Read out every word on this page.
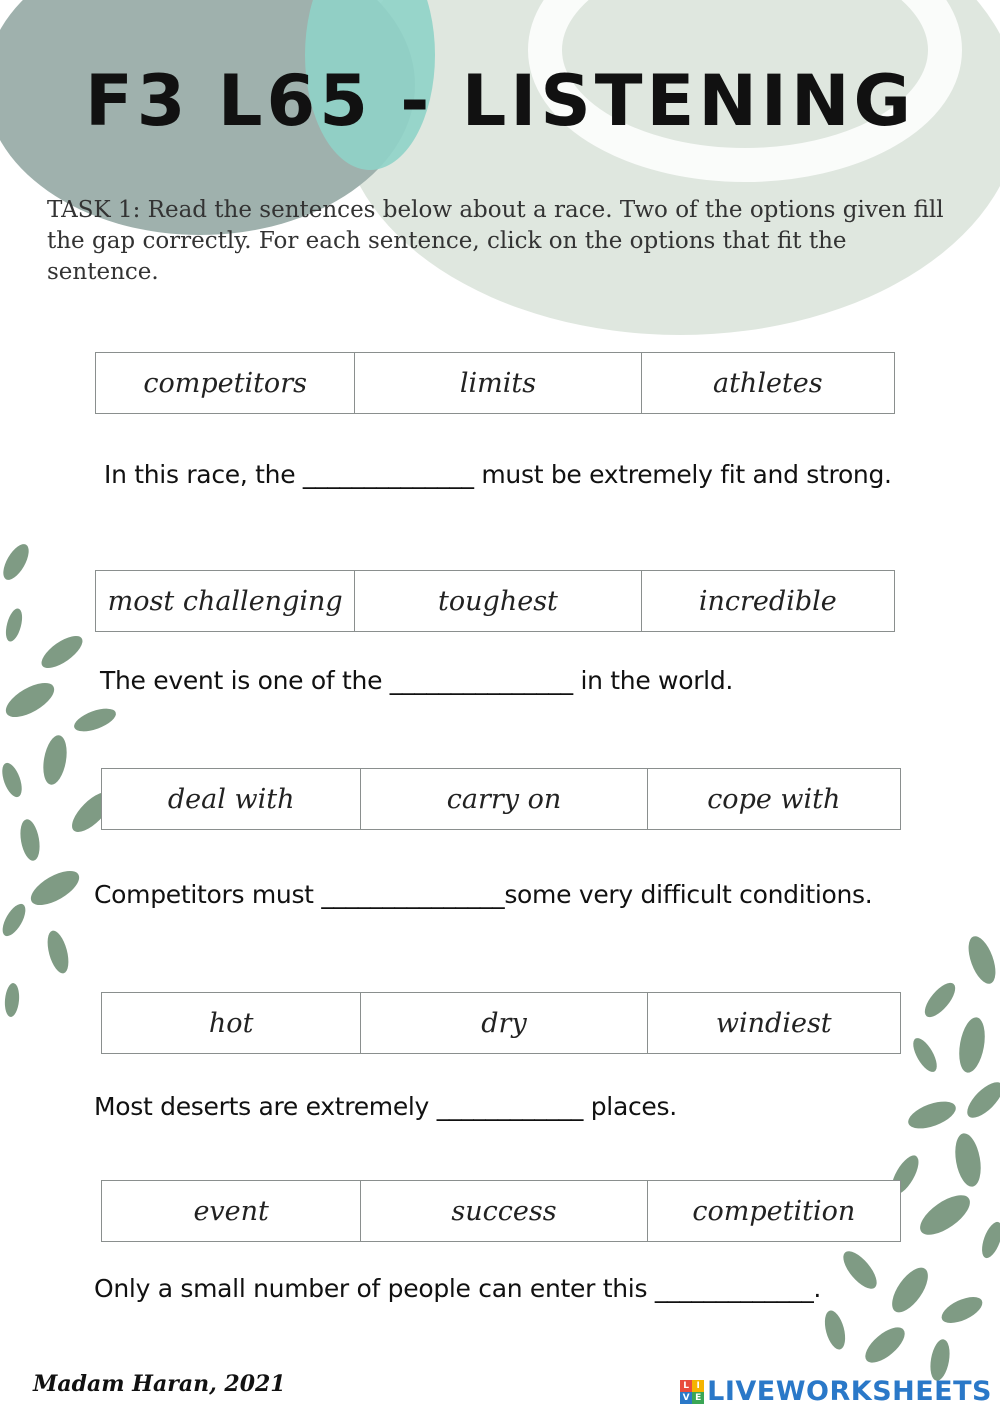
F3 L65 - LISTENING

TASK 1: Read the sentences below about a race. Two of the options given fill the gap correctly. For each sentence, click on the options that fit the sentence.

competitors	limits	athletes

In this race, the ______________ must be extremely fit and strong.

most challenging	toughest	incredible

The event is one of the _______________ in the world.

deal with	carry on	cope with

Competitors must _______________some very difficult conditions.

hot	dry	windiest

Most deserts are extremely ____________ places.

event	success	competition

Only a small number of people can enter this _____________.

Madam Haran, 2021	L I
V E LIVEWORKSHEETS
